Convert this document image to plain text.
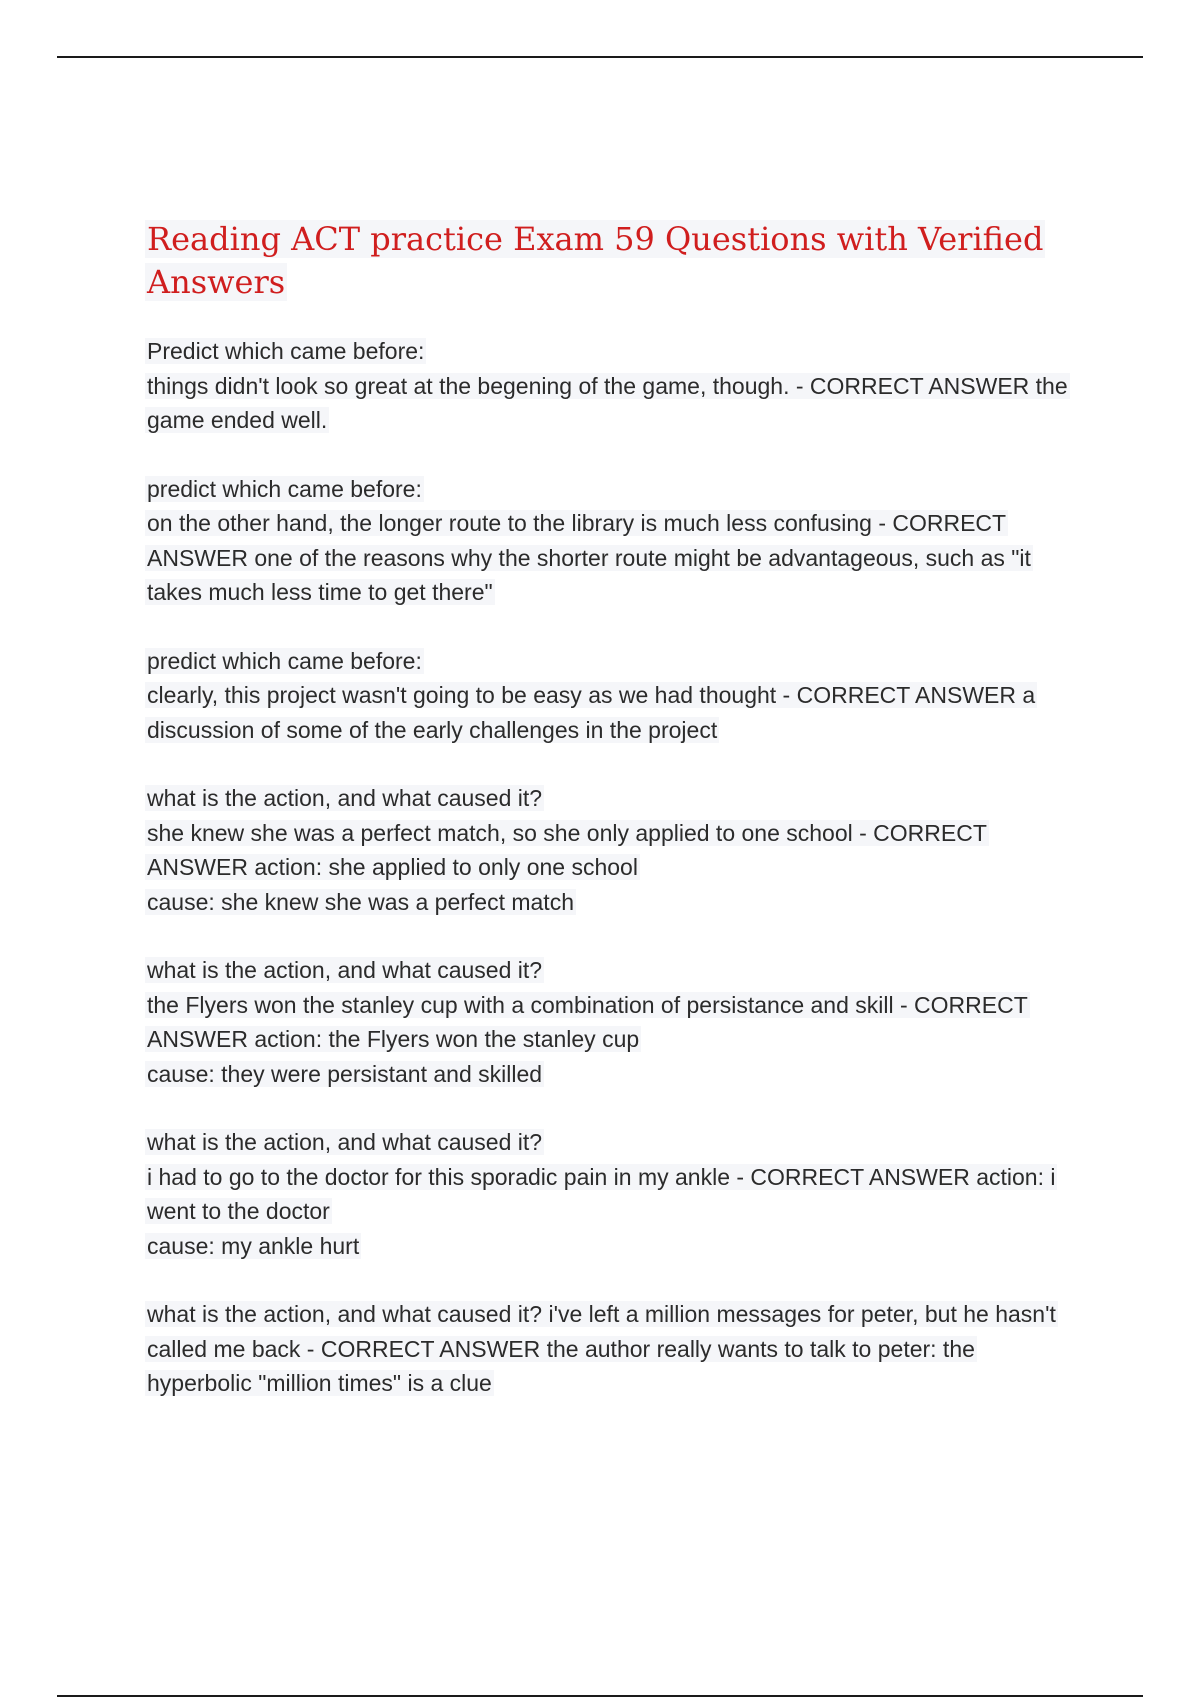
Reading ACT practice Exam 59 Questions with Verified Answers
Predict which came before:
things didn't look so great at the begening of the game, though. - CORRECT ANSWER the game ended well.
predict which came before:
on the other hand, the longer route to the library is much less confusing - CORRECT ANSWER one of the reasons why the shorter route might be advantageous, such as "it takes much less time to get there"
predict which came before:
clearly, this project wasn't going to be easy as we had thought - CORRECT ANSWER a discussion of some of the early challenges in the project
what is the action, and what caused it?
she knew she was a perfect match, so she only applied to one school - CORRECT ANSWER action: she applied to only one school
cause: she knew she was a perfect match
what is the action, and what caused it?
the Flyers won the stanley cup with a combination of persistance and skill - CORRECT ANSWER action: the Flyers won the stanley cup
cause: they were persistant and skilled
what is the action, and what caused it?
i had to go to the doctor for this sporadic pain in my ankle - CORRECT ANSWER action: i went to the doctor
cause: my ankle hurt
what is the action, and what caused it? i've left a million messages for peter, but he hasn't called me back - CORRECT ANSWER the author really wants to talk to peter: the hyperbolic "million times" is a clue
